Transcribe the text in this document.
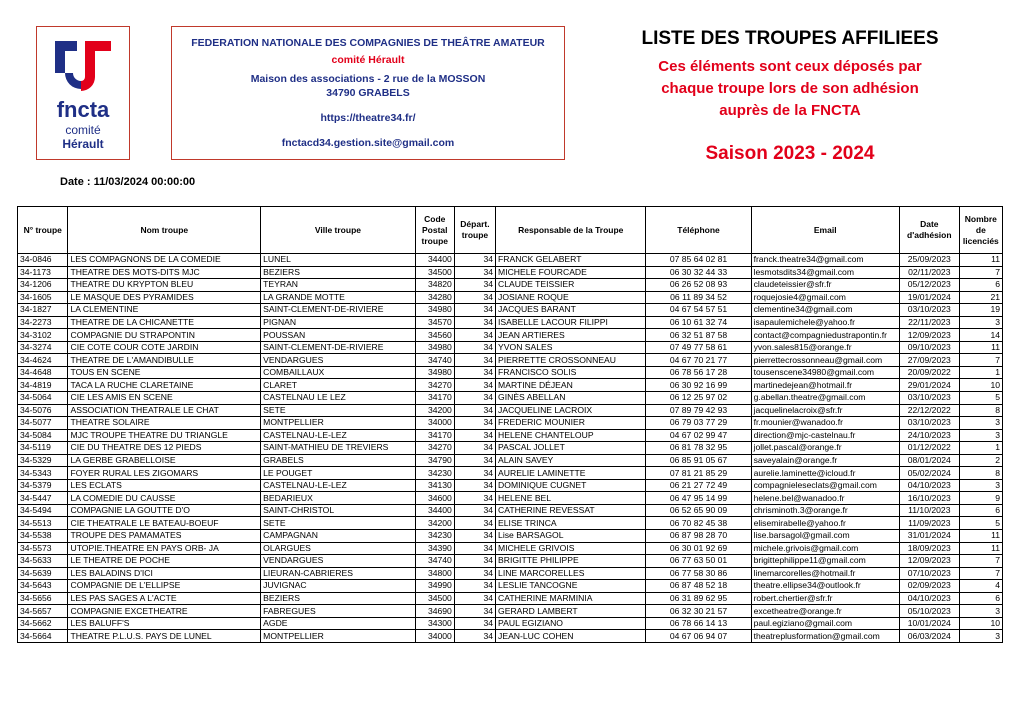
fncta
comité
Hérault
FEDERATION NATIONALE DES COMPAGNIES DE THEÂTRE AMATEUR
comité Hérault
Maison des associations - 2 rue de la MOSSON
34790 GRABELS
https://theatre34.fr/
fnctacd34.gestion.site@gmail.com
LISTE DES TROUPES AFFILIEES
Ces éléments sont ceux déposés par
chaque troupe lors de son adhésion
auprès de la FNCTA
Saison 2023 - 2024
Date : 11/03/2024 00:00:00
N° troupe	Nom troupe	Ville troupe	Code Postal troupe	Départ. troupe	Responsable de la Troupe	Téléphone	Email	Date d'adhésion	Nombre de licenciés
34-0846	LES COMPAGNONS DE LA COMEDIE	LUNEL	34400	34	FRANCK GELABERT	07 85 64 02 81	franck.theatre34@gmail.com	25/09/2023	11
34-1173	THEATRE DES MOTS-DITS MJC	BEZIERS	34500	34	MICHELE FOURCADE	06 30 32 44 33	lesmotsdits34@gmail.com	02/11/2023	7
34-1206	THEATRE DU KRYPTON BLEU	TEYRAN	34820	34	CLAUDE TEISSIER	06 26 52 08 93	claudeteissier@sfr.fr	05/12/2023	6
34-1605	LE MASQUE DES PYRAMIDES	LA GRANDE MOTTE	34280	34	JOSIANE ROQUE	06 11 89 34 52	roquejosie4@gmail.com	19/01/2024	21
34-1827	LA CLEMENTINE	SAINT-CLEMENT-DE-RIVIERE	34980	34	JACQUES BARANT	04 67 54 57 51	clementine34@gmail.com	03/10/2023	19
34-2273	THEATRE DE LA CHICANETTE	PIGNAN	34570	34	ISABELLE LACOUR FILIPPI	06 10 61 32 74	isapaulemichele@yahoo.fr	22/11/2023	3
34-3102	COMPAGNIE DU STRAPONTIN	POUSSAN	34560	34	JEAN ARTIERES	06 32 51 87 58	contact@compagniedustrapontin.fr	12/09/2023	14
34-3274	CIE COTE COUR COTE JARDIN	SAINT-CLEMENT-DE-RIVIERE	34980	34	YVON SALES	07 49 77 58 61	yvon.sales815@orange.fr	09/10/2023	11
34-4624	THEATRE DE L'AMANDIBULLE	VENDARGUES	34740	34	PIERRETTE CROSSONNEAU	04 67 70 21 77	pierrettecrossonneau@gmail.com	27/09/2023	7
34-4648	TOUS EN SCENE	COMBAILLAUX	34980	34	FRANCISCO SOLIS	06 78 56 17 28	tousenscene34980@gmail.com	20/09/2022	1
34-4819	TACA LA RUCHE CLARETAINE	CLARET	34270	34	MARTINE DÉJEAN	06 30 92 16 99	martinedejean@hotmail.fr	29/01/2024	10
34-5064	CIE LES AMIS EN SCENE	CASTELNAU LE LEZ	34170	34	GINÈS ABELLAN	06 12 25 97 02	g.abellan.theatre@gmail.com	03/10/2023	5
34-5076	ASSOCIATION THEATRALE LE CHAT	SETE	34200	34	JACQUELINE LACROIX	07 89 79 42 93	jacquelinelacroix@sfr.fr	22/12/2022	8
34-5077	THEATRE SOLAIRE	MONTPELLIER	34000	34	FREDERIC MOUNIER	06 79 03 77 29	fr.mounier@wanadoo.fr	03/10/2023	3
34-5084	MJC TROUPE THEATRE DU TRIANGLE	CASTELNAU-LE-LEZ	34170	34	HELENE CHANTELOUP	04 67 02 99 47	direction@mjc-castelnau.fr	24/10/2023	3
34-5119	CIE DU THEATRE DES 12 PIEDS	SAINT-MATHIEU DE TREVIERS	34270	34	PASCAL JOLLET	06 81 78 32 95	jollet.pascal@orange.fr	01/12/2022	1
34-5329	LA GERBE GRABELLOISE	GRABELS	34790	34	ALAIN SAVEY	06 85 91 05 67	saveyalain@orange.fr	08/01/2024	2
34-5343	FOYER RURAL LES ZIGOMARS	LE POUGET	34230	34	AURELIE LAMINETTE	07 81 21 85 29	aurelie.laminette@icloud.fr	05/02/2024	8
34-5379	LES ECLATS	CASTELNAU-LE-LEZ	34130	34	DOMINIQUE CUGNET	06 21 27 72 49	compagnieleseclats@gmail.com	04/10/2023	3
34-5447	LA COMEDIE DU CAUSSE	BEDARIEUX	34600	34	HELENE BEL	06 47 95 14 99	helene.bel@wanadoo.fr	16/10/2023	9
34-5494	COMPAGNIE LA GOUTTE D'O	SAINT-CHRISTOL	34400	34	CATHERINE REVESSAT	06 52 65 90 09	chrisminoth.3@orange.fr	11/10/2023	6
34-5513	CIE THEATRALE LE BATEAU-BOEUF	SETE	34200	34	ELISE TRINCA	06 70 82 45 38	elisemirabelle@yahoo.fr	11/09/2023	5
34-5538	TROUPE DES PAMAMATES	CAMPAGNAN	34230	34	Lise BARSAGOL	06 87 98 28 70	lise.barsagol@gmail.com	31/01/2024	11
34-5573	UTOPIE.THEATRE EN PAYS ORB- JA	OLARGUES	34390	34	MICHELE GRIVOIS	06 30 01 92 69	michele.grivois@gmail.com	18/09/2023	11
34-5633	LE THEATRE DE POCHE	VENDARGUES	34740	34	BRIGITTE PHILIPPE	06 77 63 50 01	brigittephilippe11@gmail.com	12/09/2023	7
34-5639	LES BALADINS D'ICI	LIEURAN-CABRIERES	34800	34	LINE MARCORELLES	06 77 58 30 86	linemarcorelles@hotmail.fr	07/10/2023	7
34-5643	COMPAGNIE DE L'ELLIPSE	JUVIGNAC	34990	34	LESLIE TANCOGNE	06 87 48 52 18	theatre.ellipse34@outlook.fr	02/09/2023	4
34-5656	LES PAS SAGES A L'ACTE	BEZIERS	34500	34	CATHERINE MARMINIA	06 31 89 62 95	robert.chertier@sfr.fr	04/10/2023	6
34-5657	COMPAGNIE EXCETHEATRE	FABREGUES	34690	34	GERARD LAMBERT	06 32 30 21 57	excetheatre@orange.fr	05/10/2023	3
34-5662	LES BALUFF'S	AGDE	34300	34	PAUL EGIZIANO	06 78 66 14 13	paul.egiziano@gmail.com	10/01/2024	10
34-5664	THEATRE P.L.U.S. PAYS DE LUNEL	MONTPELLIER	34000	34	JEAN-LUC COHEN	04 67 06 94 07	theatreplusformation@gmail.com	06/03/2024	3
